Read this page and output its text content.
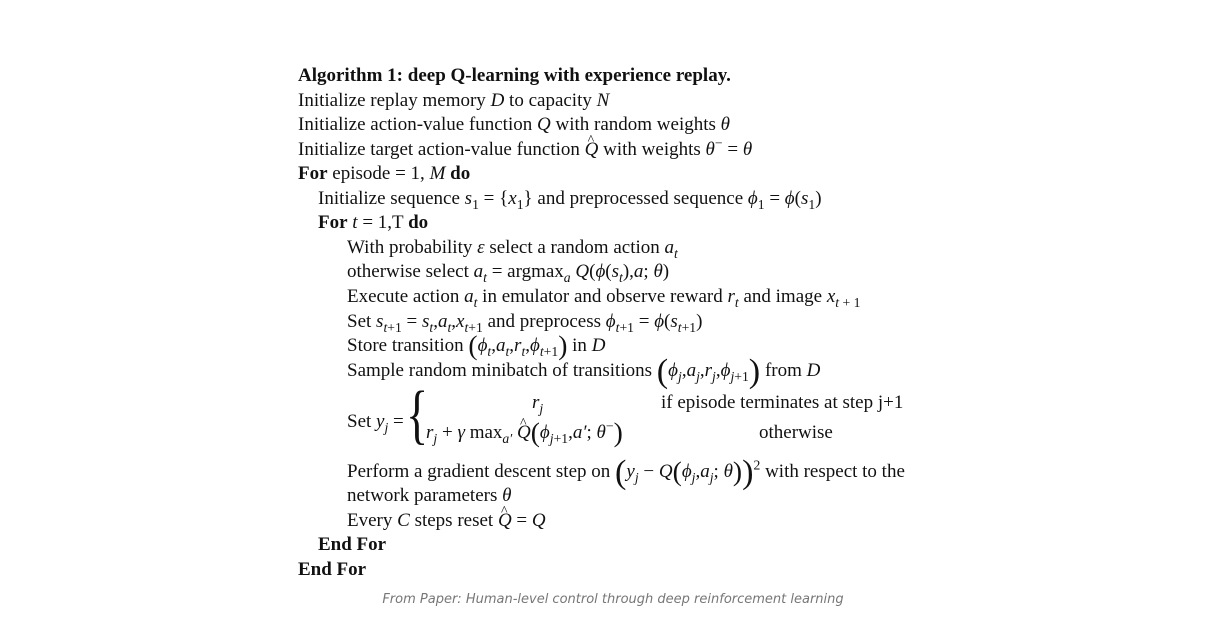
Algorithm 1: deep Q-learning with experience replay.
Initialize replay memory D to capacity N
Initialize action-value function Q with random weights θ
Initialize target action-value function ^ Q with weights θ− = θ
For episode = 1, M do
Initialize sequence $s_1 = \{x_1\}$ and preprocessed sequence $\phi_1 = \phi(s_1)$
For t = 1,T do
With probability ε select a random action $a_t$
otherwise select $a_t = argmax_a$ $Q(\phi(s_t),a$; θ)
Execute action $a_t$ in emulator and observe reward $r_t$ and image $x_{t + 1}$
Set $s_{t+1} = s_t,a_t,x_{t+1}$ and preprocess $\phi_{t+1} = \phi(s_{t+1})$
Store transition $(\phi_t,a_t,r_t,\phi_{t+1})$ in D
Sample random minibatch of transitions $(\phi_j,a_j,r_j,\phi_{j+1})$ from D
Set $y_j$ = {	$r_j$	if episode terminates at step j+1
$r_j + \gamma$ $\max_{a'}$ ^ $Q(\phi_{j+1},a'$; θ−)	otherwise
Perform a gradient descent step on ($y_j - Q(\phi_j,a_j$; θ))$^2$ with respect to the
network parameters θ
Every C steps reset ^ Q = Q
End For
End For
From Paper: Human-level control through deep reinforcement learning
